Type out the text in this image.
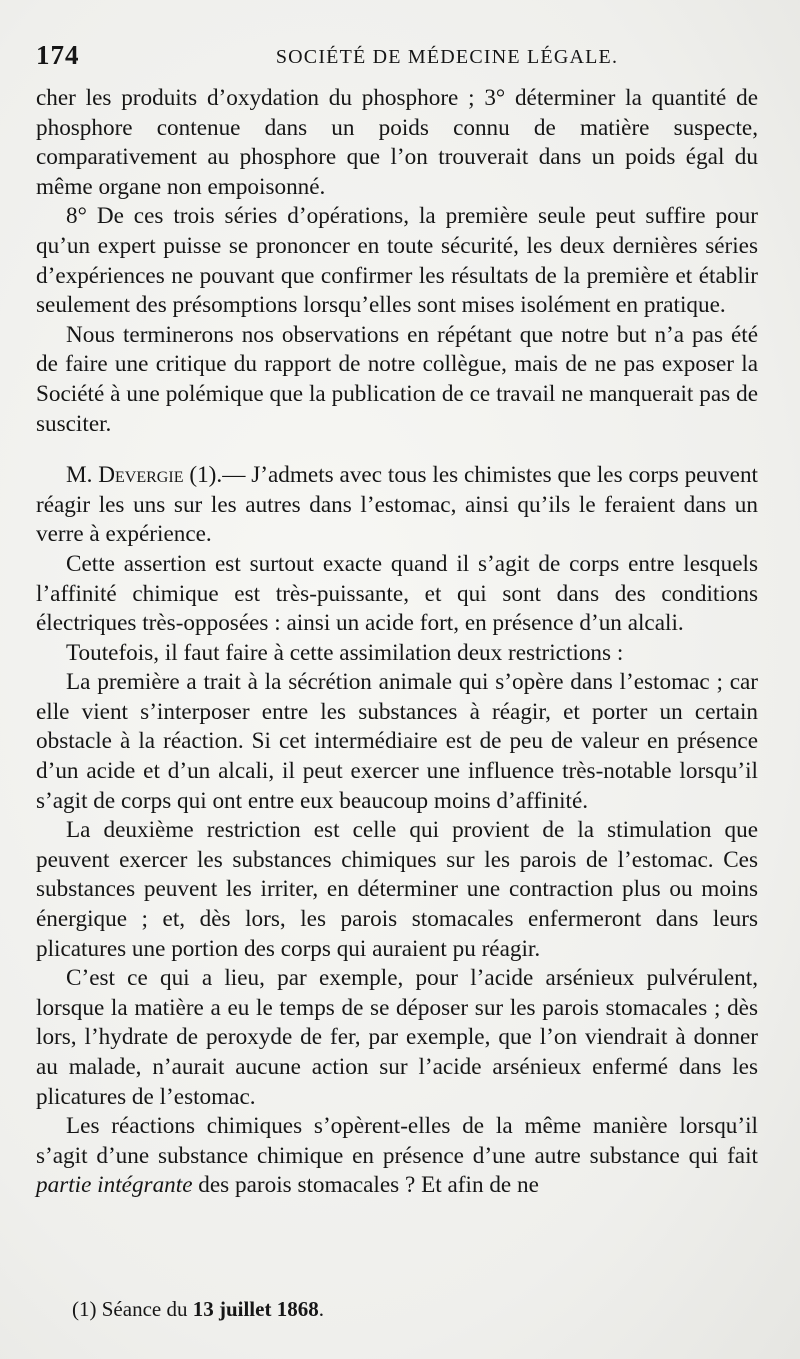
174	SOCIÉTÉ DE MÉDECINE LÉGALE.

cher les produits d’oxydation du phosphore ; 3° déterminer la quantité de phosphore contenue dans un poids connu de matière suspecte, comparativement au phosphore que l’on trouverait dans un poids égal du même organe non empoisonné.

8° De ces trois séries d’opérations, la première seule peut suffire pour qu’un expert puisse se prononcer en toute sécurité, les deux dernières séries d’expériences ne pouvant que confirmer les résultats de la première et établir seulement des présomptions lorsqu’elles sont mises isolément en pratique.

Nous terminerons nos observations en répétant que notre but n’a pas été de faire une critique du rapport de notre collègue, mais de ne pas exposer la Société à une polémique que la publication de ce travail ne manquerait pas de susciter.

M. Devergie (1).— J’admets avec tous les chimistes que les corps peuvent réagir les uns sur les autres dans l’estomac, ainsi qu’ils le feraient dans un verre à expérience.

Cette assertion est surtout exacte quand il s’agit de corps entre lesquels l’affinité chimique est très-puissante, et qui sont dans des conditions électriques très-opposées : ainsi un acide fort, en présence d’un alcali.

Toutefois, il faut faire à cette assimilation deux restrictions :

La première a trait à la sécrétion animale qui s’opère dans l’estomac ; car elle vient s’interposer entre les substances à réagir, et porter un certain obstacle à la réaction. Si cet intermédiaire est de peu de valeur en présence d’un acide et d’un alcali, il peut exercer une influence très-notable lorsqu’il s’agit de corps qui ont entre eux beaucoup moins d’affinité.

La deuxième restriction est celle qui provient de la stimulation que peuvent exercer les substances chimiques sur les parois de l’estomac. Ces substances peuvent les irriter, en déterminer une contraction plus ou moins énergique ; et, dès lors, les parois stomacales enfermeront dans leurs plicatures une portion des corps qui auraient pu réagir.

C’est ce qui a lieu, par exemple, pour l’acide arsénieux pulvérulent, lorsque la matière a eu le temps de se déposer sur les parois stomacales ; dès lors, l’hydrate de peroxyde de fer, par exemple, que l’on viendrait à donner au malade, n’aurait aucune action sur l’acide arsénieux enfermé dans les plicatures de l’estomac.

Les réactions chimiques s’opèrent-elles de la même manière lorsqu’il s’agit d’une substance chimique en présence d’une autre substance qui fait partie intégrante des parois stomacales ? Et afin de ne

(1) Séance du 13 juillet 1868.
